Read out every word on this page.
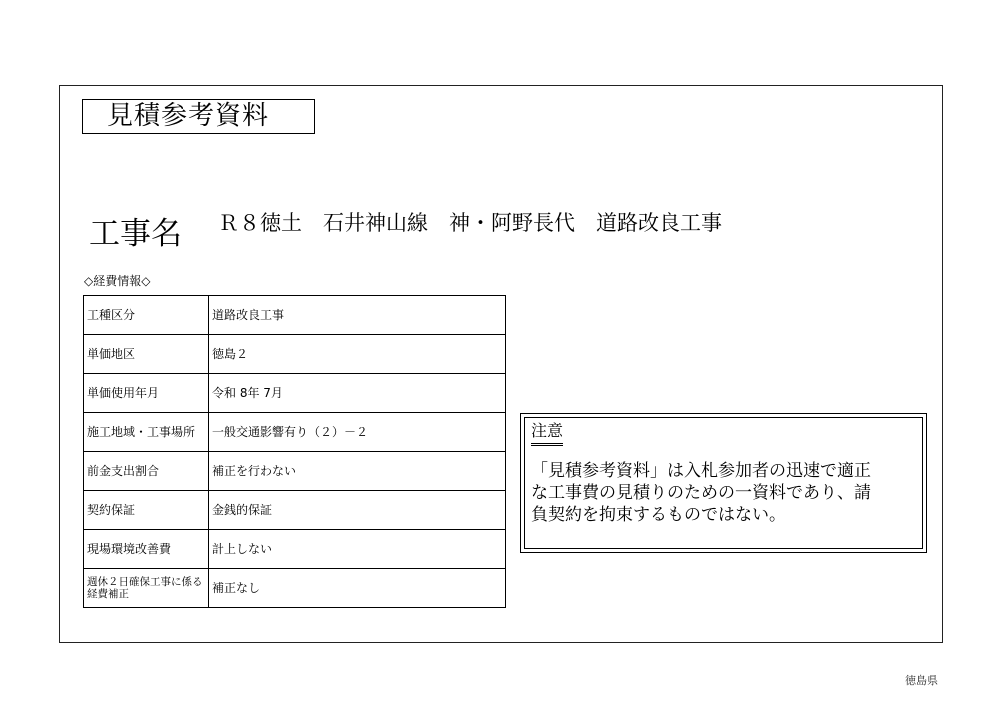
見積参考資料
工事名 Ｒ８徳土　石井神山線　神・阿野長代　道路改良工事
◇経費情報◇
工種区分	道路改良工事
単価地区	徳島２
単価使用年月	令和 8年 7月
施工地域・工事場所	一般交通影響有り（２）－２
前金支出割合	補正を行わない
契約保証	金銭的保証
現場環境改善費	計上しない
週休２日確保工事に係る経費補正	補正なし
注意
「見積参考資料」は入札参加者の迅速で適正
な工事費の見積りのための一資料であり、請
負契約を拘束するものではない。
徳島県
